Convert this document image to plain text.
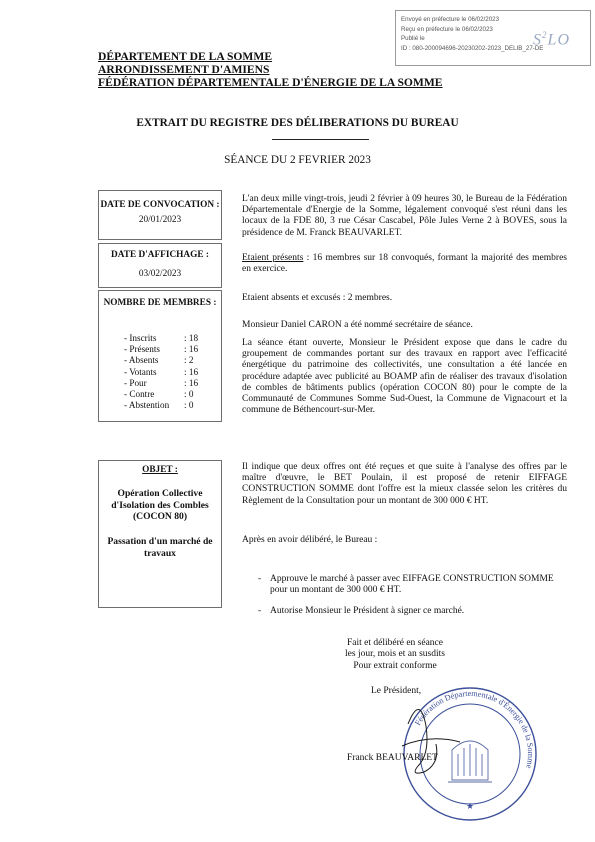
Envoyé en préfecture le 06/02/2023
Reçu en préfecture le 06/02/2023
Publié le
ID : 080-200094696-20230202-2023_DELIB_27-DE
$S^2LO$
DÉPARTEMENT DE LA SOMME
ARRONDISSEMENT D'AMIENS
FÉDÉRATION DÉPARTEMENTALE D'ÉNERGIE DE LA SOMME
EXTRAIT DU REGISTRE DES DÉLIBERATIONS DU BUREAU
SÉANCE DU 2 FEVRIER 2023
DATE DE CONVOCATION :
20/01/2023
DATE D'AFFICHAGE :
03/02/2023
NOMBRE DE MEMBRES :
- Inscrits	: 18
- Présents	: 16
- Absents	: 2
- Votants	: 16
- Pour	: 16
- Contre	: 0
- Abstention	: 0
OBJET :
Opération Collective d'Isolation des Combles (COCON 80)
Passation d'un marché de travaux
L'an deux mille vingt-trois, jeudi 2 février à 09 heures 30, le Bureau de la Fédération Départementale d'Energie de la Somme, légalement convoqué s'est réuni dans les locaux de la FDE 80, 3 rue César Cascabel, Pôle Jules Verne 2 à BOVES, sous la présidence de M. Franck BEAUVARLET.
Etaient présents : 16 membres sur 18 convoqués, formant la majorité des membres en exercice.
Etaient absents et excusés : 2 membres.
Monsieur Daniel CARON a été nommé secrétaire de séance.
La séance étant ouverte, Monsieur le Président expose que dans le cadre du groupement de commandes portant sur des travaux en rapport avec l'efficacité énergétique du patrimoine des collectivités, une consultation a été lancée en procédure adaptée avec publicité au BOAMP afin de réaliser des travaux d'isolation de combles de bâtiments publics (opération COCON 80) pour le compte de la Communauté de Communes Somme Sud-Ouest, la Commune de Vignacourt et la commune de Béthencourt-sur-Mer.
Il indique que deux offres ont été reçues et que suite à l'analyse des offres par le maître d'œuvre, le BET Poulain, il est proposé de retenir EIFFAGE CONSTRUCTION SOMME dont l'offre est la mieux classée selon les critères du Règlement de la Consultation pour un montant de 300 000 € HT.
Après en avoir délibéré, le Bureau :
- Approuve le marché à passer avec EIFFAGE CONSTRUCTION SOMME pour un montant de 300 000 € HT.
- Autorise Monsieur le Président à signer ce marché.
Fait et délibéré en séance
les jour, mois et an susdits
Pour extrait conforme
Le Président,
Fédération Départementale d'Énergie de la Somme
★
Franck BEAUVARLET
